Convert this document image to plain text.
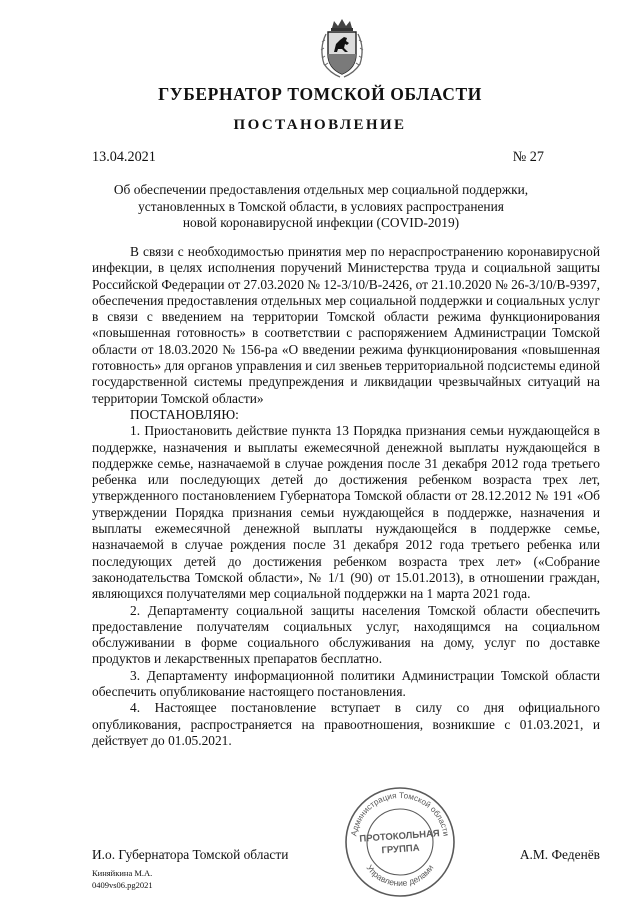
ГУБЕРНАТОР ТОМСКОЙ ОБЛАСТИ
ПОСТАНОВЛЕНИЕ
13.04.2021	№ 27
Об обеспечении предоставления отдельных мер социальной поддержки,
установленных в Томской области, в условиях распространения
новой коронавирусной инфекции (COVID-2019)

В связи с необходимостью принятия мер по нераспространению коронавирусной инфекции, в целях исполнения поручений Министерства труда и социальной защиты Российской Федерации от 27.03.2020 № 12-3/10/В-2426, от 21.10.2020 № 26-3/10/В-9397, обеспечения предоставления отдельных мер социальной поддержки и социальных услуг в связи с введением на территории Томской области режима функционирования «повышенная готовность» в соответствии с распоряжением Администрации Томской области от 18.03.2020 № 156-ра «О введении режима функционирования «повышенная готовность» для органов управления и сил звеньев территориальной подсистемы единой государственной системы предупреждения и ликвидации чрезвычайных ситуаций на территории Томской области»

ПОСТАНОВЛЯЮ:

1. Приостановить действие пункта 13 Порядка признания семьи нуждающейся в поддержке, назначения и выплаты ежемесячной денежной выплаты нуждающейся в поддержке семье, назначаемой в случае рождения после 31 декабря 2012 года третьего ребенка или последующих детей до достижения ребенком возраста трех лет, утвержденного постановлением Губернатора Томской области от 28.12.2012 № 191 «Об утверждении Порядка признания семьи нуждающейся в поддержке, назначения и выплаты ежемесячной денежной выплаты нуждающейся в поддержке семье, назначаемой в случае рождения после 31 декабря 2012 года третьего ребенка или последующих детей до достижения ребенком возраста трех лет» («Собрание законодательства Томской области», № 1/1 (90) от 15.01.2013), в отношении граждан, являющихся получателями мер социальной поддержки на 1 марта 2021 года.

2. Департаменту социальной защиты населения Томской области обеспечить предоставление получателям социальных услуг, находящимся на социальном обслуживании в форме социального обслуживания на дому, услуг по доставке продуктов и лекарственных препаратов бесплатно.

3. Департаменту информационной политики Администрации Томской области обеспечить опубликование настоящего постановления.

4. Настоящее постановление вступает в силу со дня официального опубликования, распространяется на правоотношения, возникшие с 01.03.2021, и действует до 01.05.2021.

И.о. Губернатора Томской области	А.М. Феденёв
Администрация Томской области
Управление делами
ПРОТОКОЛЬНАЯ
ГРУППА
Киняйкина М.А.
0409vs06.pg2021
